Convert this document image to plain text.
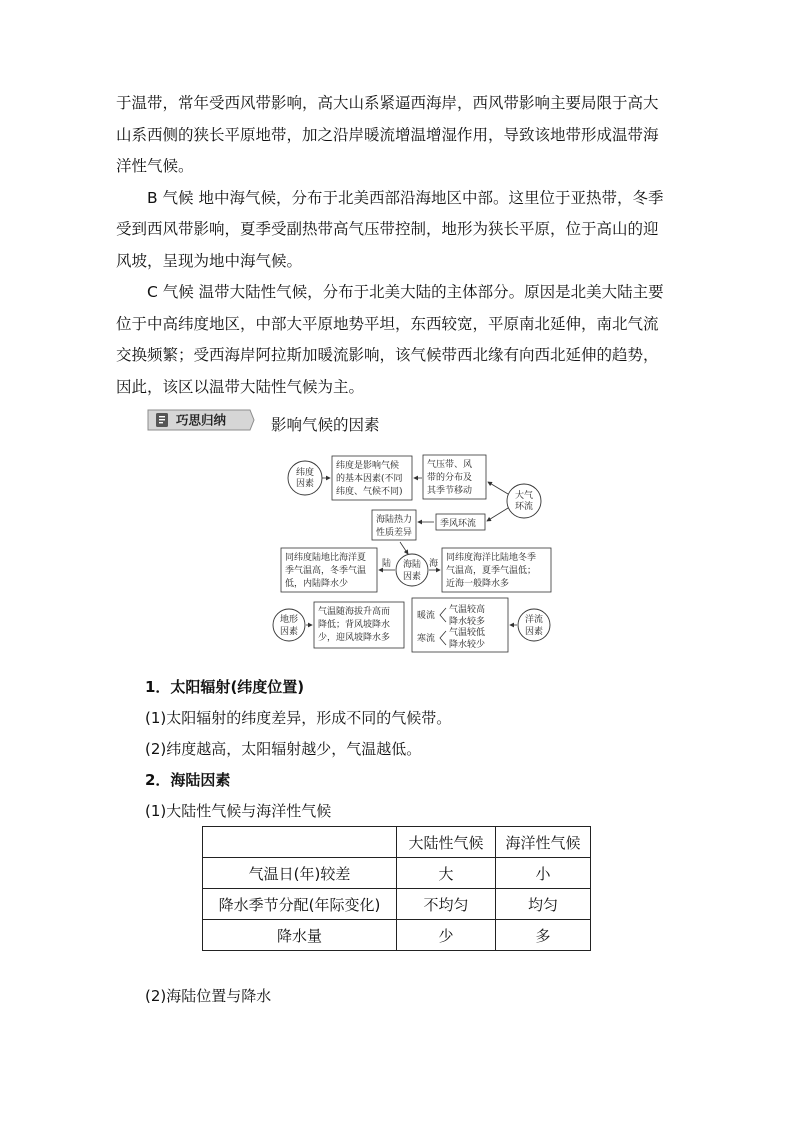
于温带，常年受西风带影响，高大山系紧逼西海岸，西风带影响主要局限于高大

山系西侧的狭长平原地带，加之沿岸暖流增温增湿作用，导致该地带形成温带海

洋性气候。

B 气候 地中海气候，分布于北美西部沿海地区中部。这里位于亚热带，冬季

受到西风带影响，夏季受副热带高气压带控制，地形为狭长平原，位于高山的迎

风坡，呈现为地中海气候。

C 气候 温带大陆性气候，分布于北美大陆的主体部分。原因是北美大陆主要

位于中高纬度地区，中部大平原地势平坦，东西较宽，平原南北延伸，南北气流

交换频繁；受西海岸阿拉斯加暖流影响，该气候带西北缘有向西北延伸的趋势，

因此，该区以温带大陆性气候为主。

巧思归纳	影响气候的因素
纬度
因素
纬度是影响气候
的基本因素(不同
纬度、气候不同)
气压带、风
带的分布及
其季节移动	大气
环流
季风环流
海陆热力
性质差异
同纬度陆地比海洋夏
季气温高，冬季气温
低，内陆降水少
陆 海陆
因素
海
同纬度海洋比陆地冬季
气温高，夏季气温低；
近海一般降水多
地形
因素
气温随海拔升高而
降低；背风坡降水
少，迎风坡降水多
暖流
气温较高
降水较多
寒流
气温较低
降水较少
洋流
因素

1．太阳辐射(纬度位置)

(1)太阳辐射的纬度差异，形成不同的气候带。

(2)纬度越高，太阳辐射越少，气温越低。

2．海陆因素

(1)大陆性气候与海洋性气候

	大陆性气候	海洋性气候
气温日(年)较差	大	小
降水季节分配(年际变化)	不均匀	均匀
降水量	少	多

(2)海陆位置与降水
